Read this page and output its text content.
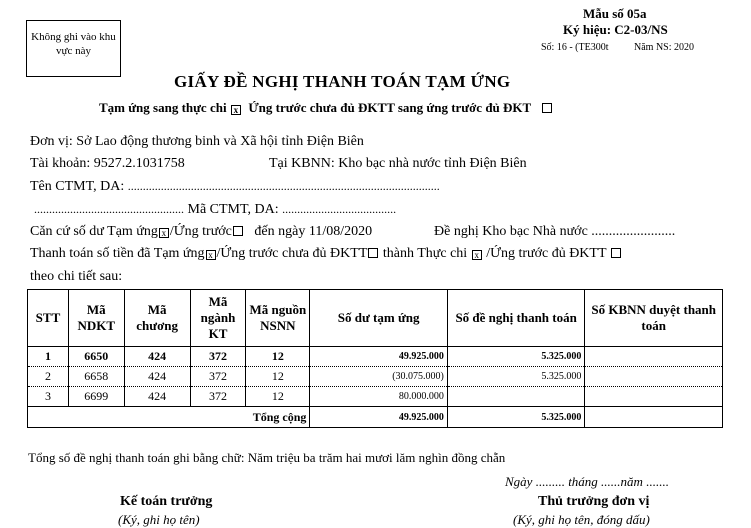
Không ghi vào khu vực này
Mẫu số 05a
Ký hiệu: C2-03/NS
Số: 16 - (TE300t	Năm NS: 2020
GIẤY ĐỀ NGHỊ THANH TOÁN TẠM ỨNG
Tạm ứng sang thực chi x Ứng trước chưa đủ ĐKTT sang ứng trước đủ ĐKT
Đơn vị: Sở Lao động thương binh và Xã hội tỉnh Điện Biên
Tài khoản: 9527.2.1031758	Tại KBNN: Kho bạc nhà nước tỉnh Điện Biên
Tên CTMT, DA: ........................................................................................................
.................................................. Mã CTMT, DA: ......................................
Căn cứ số dư Tạm ứng x /Ứng trước đến ngày 11/08/2020	Đề nghị Kho bạc Nhà nước ........................
Thanh toán số tiền đã Tạm ứng x /Ứng trước chưa đủ ĐKTT thành Thực chi x /Ứng trước đủ ĐKTT
theo chi tiết sau:
STT	Mã NDKT	Mã chương	Mã ngành KT	Mã nguồn NSNN	Số dư tạm ứng	Số đề nghị thanh toán	Số KBNN duyệt thanh toán
1	6650	424	372	12	49.925.000	5.325.000	
2	6658	424	372	12	(30.075.000)	5.325.000	
3	6699	424	372	12	80.000.000		
Tổng cộng					49.925.000	5.325.000	
Tổng số đề nghị thanh toán ghi bằng chữ: Năm triệu ba trăm hai mươi lăm nghìn đồng chẵn
Ngày ......... tháng ......năm .......
Kế toán trưởng
(Ký, ghi họ tên)
Thủ trưởng đơn vị
(Ký, ghi họ tên, đóng dấu)
